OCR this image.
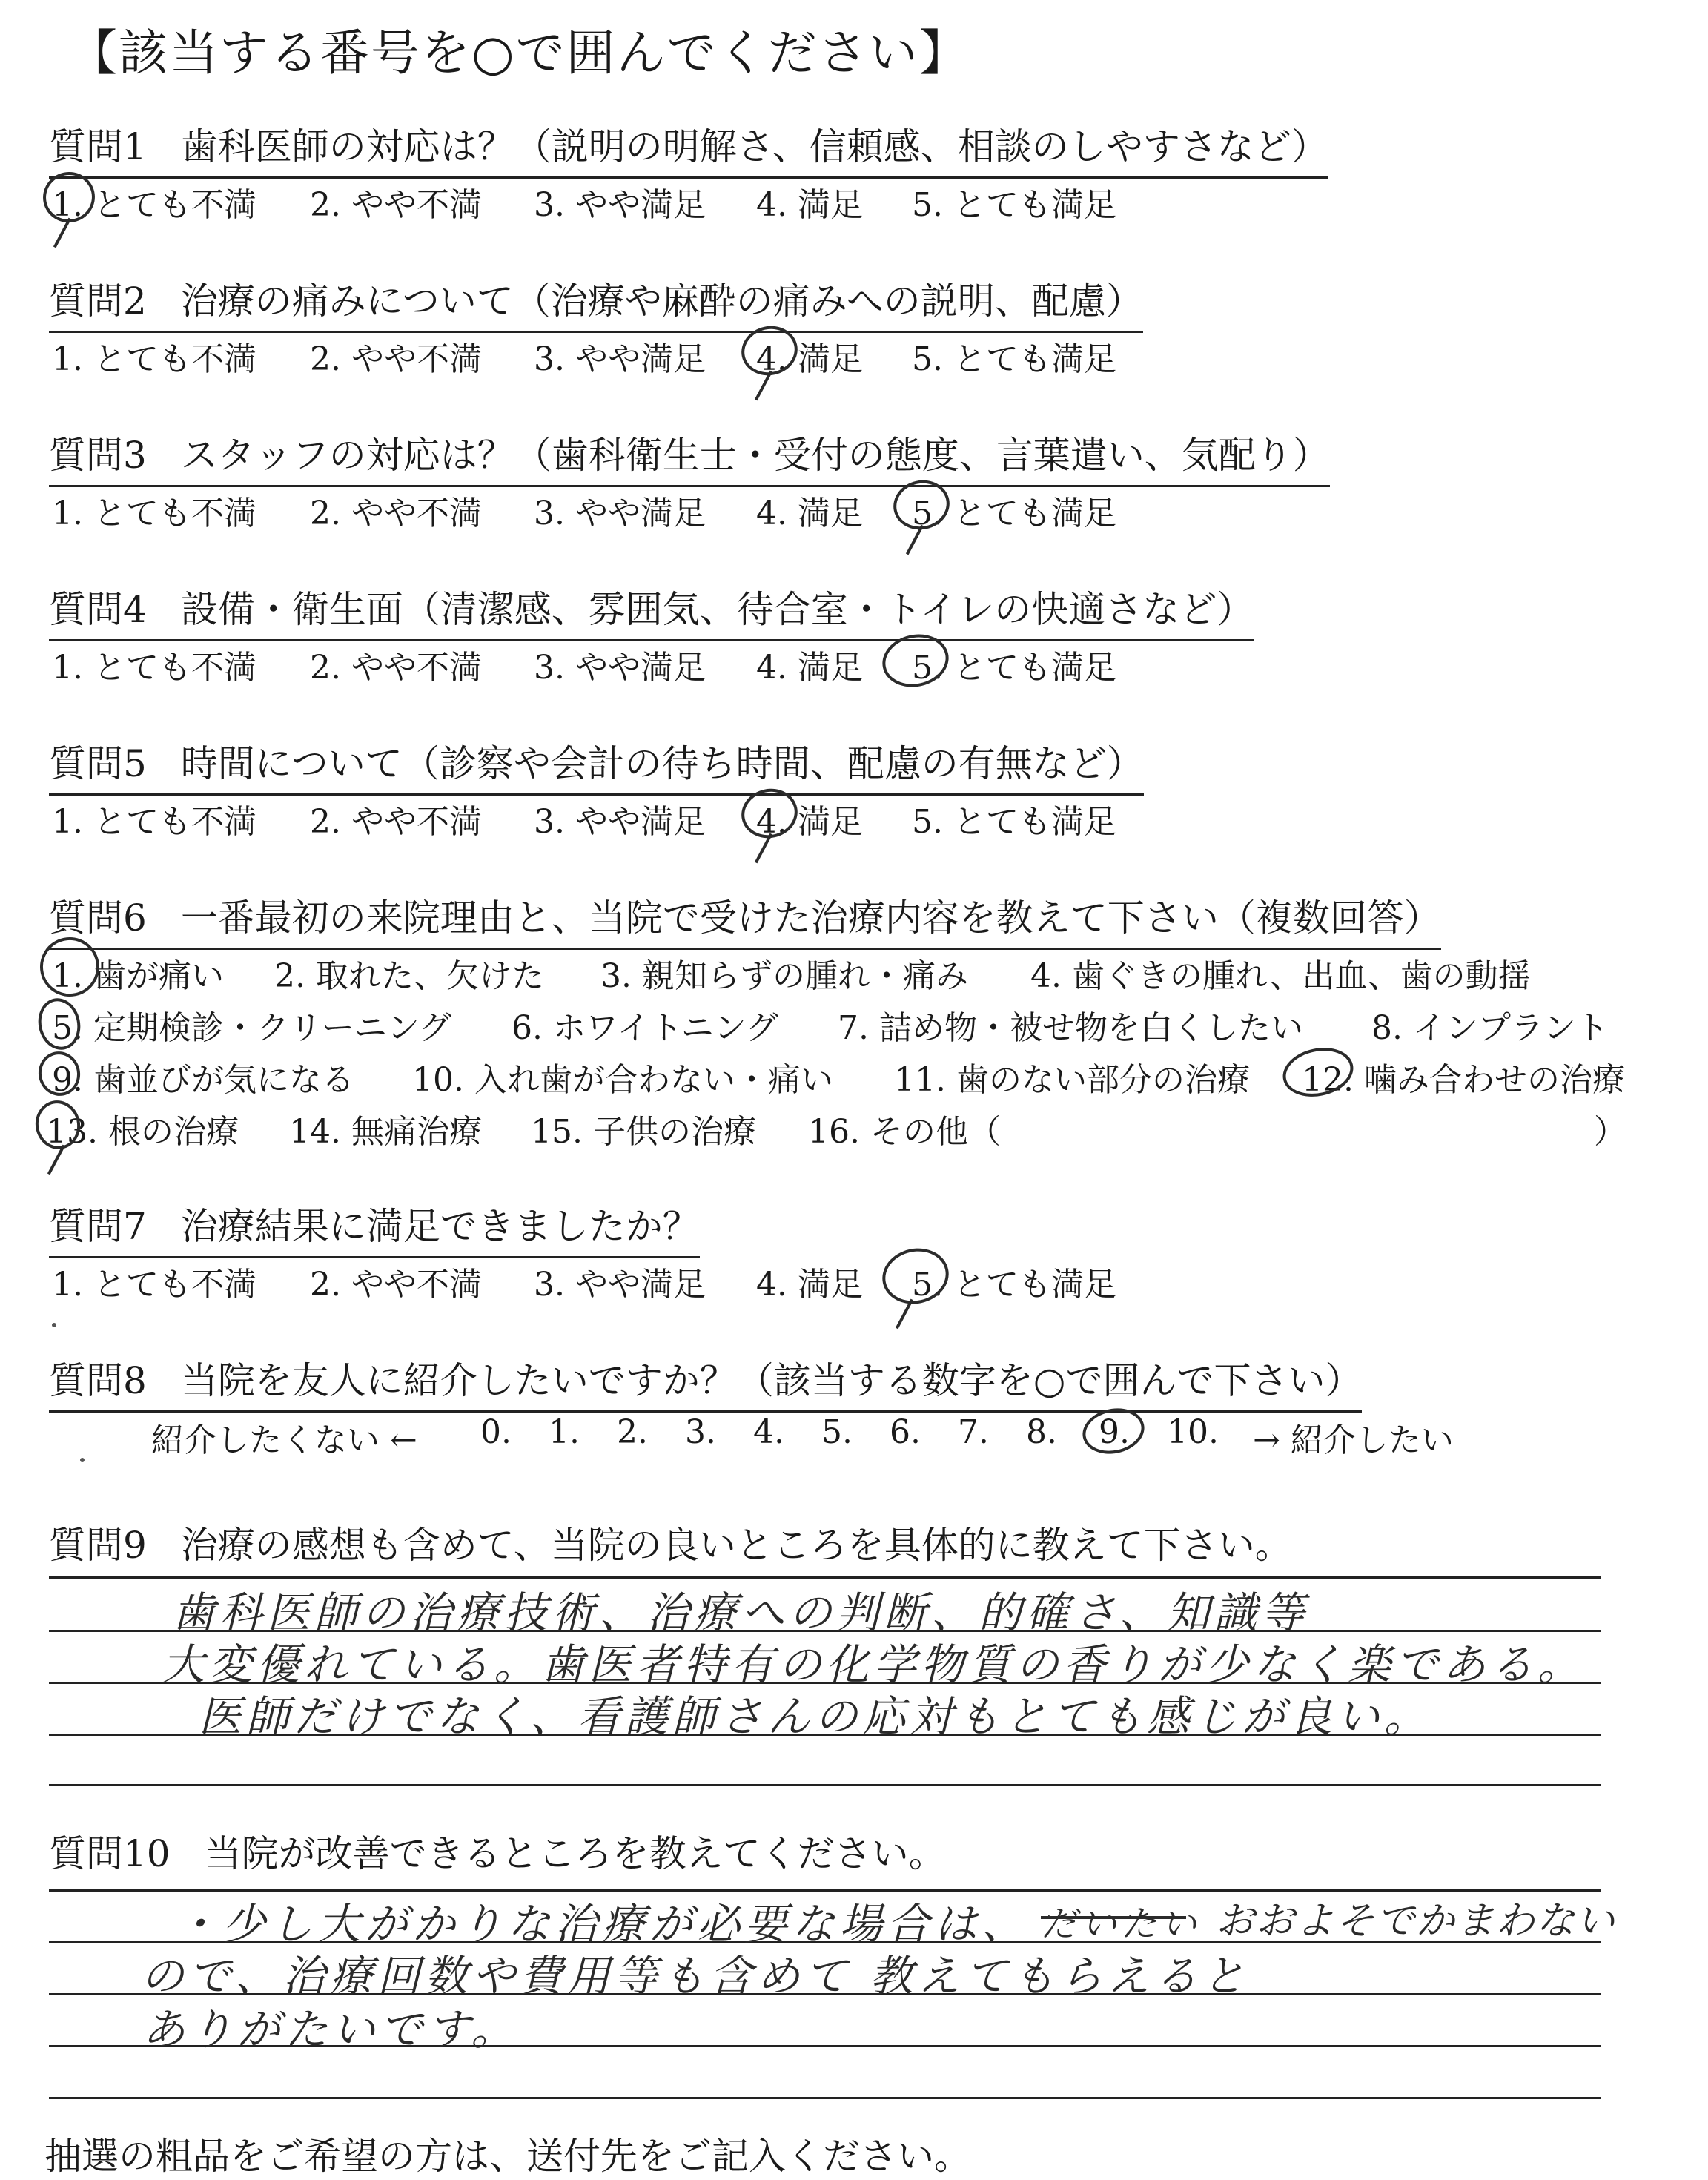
【該当する番号を○で囲んでください】
質問1 歯科医師の対応は？（説明の明解さ、信頼感、相談のしやすさなど）
1. とても不満 2. やや不満 3. やや満足 4. 満足 5. とても満足
質問2 治療の痛みについて（治療や麻酔の痛みへの説明、配慮）
1. とても不満 2. やや不満 3. やや満足 4. 満足 5. とても満足
質問3 スタッフの対応は？（歯科衛生士・受付の態度、言葉遣い、気配り）
1. とても不満 2. やや不満 3. やや満足 4. 満足 5. とても満足
質問4 設備・衛生面（清潔感、雰囲気、待合室・トイレの快適さなど）
1. とても不満 2. やや不満 3. やや満足 4. 満足 5. とても満足
質問5 時間について（診察や会計の待ち時間、配慮の有無など）
1. とても不満 2. やや不満 3. やや満足 4. 満足 5. とても満足
質問6 一番最初の来院理由と、当院で受けた治療内容を教えて下さい（複数回答）
1. 歯が痛い 2. 取れた、欠けた 3. 親知らずの腫れ・痛み 4. 歯ぐきの腫れ、出血、歯の動揺
5. 定期検診・クリーニング 6. ホワイトニング 7. 詰め物・被せ物を白くしたい 8. インプラント
9. 歯並びが気になる 10. 入れ歯が合わない・痛い 11. 歯のない部分の治療 12. 噛み合わせの治療
13. 根の治療 14. 無痛治療 15. 子供の治療 16. その他（	）
質問7 治療結果に満足できましたか？
1. とても不満 2. やや不満 3. やや満足 4. 満足 5. とても満足
質問8 当院を友人に紹介したいですか？（該当する数字を○で囲んで下さい）
紹介したくない ← 0. 1. 2. 3. 4. 5. 6. 7. 8. 9. 10. → 紹介したい
質問9 治療の感想も含めて、当院の良いところを具体的に教えて下さい。
歯科医師の治療技術、治療への判断、的確さ、知識等
大変優れている。歯医者特有の化学物質の香りが少なく楽である。
医師だけでなく、看護師さんの応対もとても感じが良い。
質問10 当院が改善できるところを教えてください。
・少し大がかりな治療が必要な場合は、 だいたい おおよそでかまわない
ので、治療回数や費用等も含めて 教えてもらえると
ありがたいです。
抽選の粗品をご希望の方は、送付先をご記入ください。
